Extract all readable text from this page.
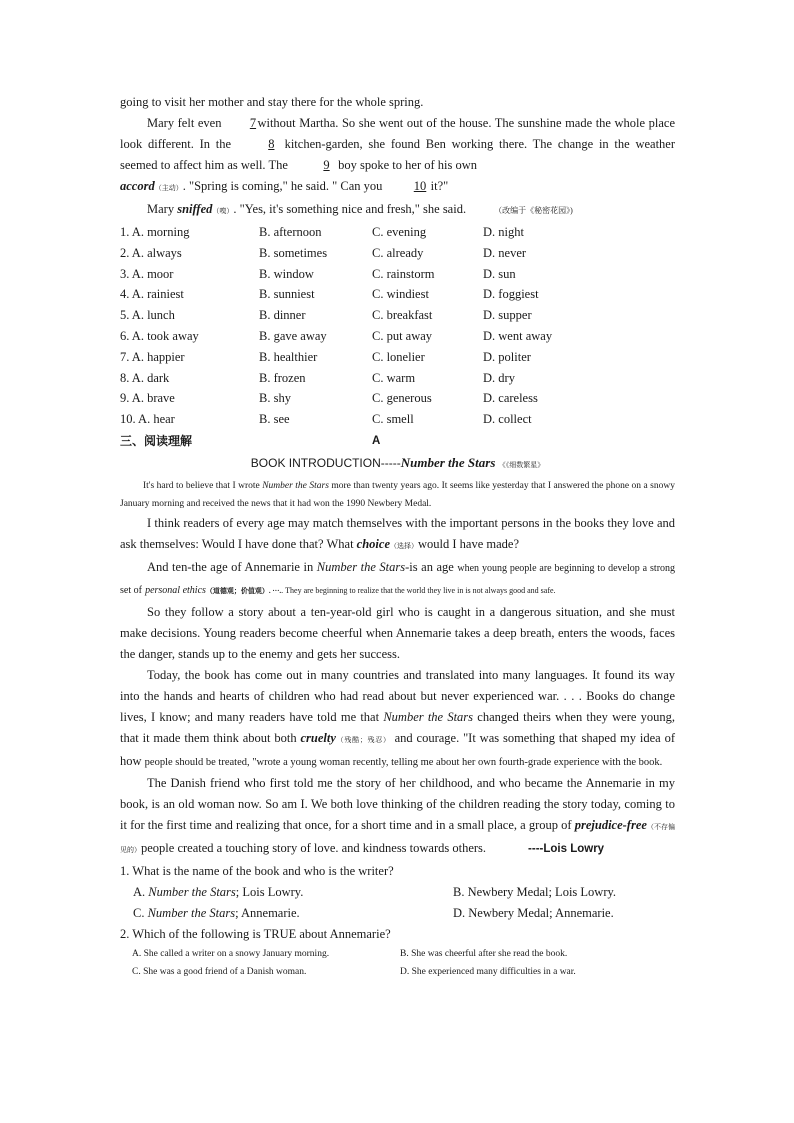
going to visit her mother and stay there for the whole spring.

Mary felt even 7without Martha. So she went out of the house. The sunshine made the whole place look different. In the	8 kitchen-garden, she found Ben working there. The change in the weather seemed to affect him as well. The	9 boy spoke to her of his own
accord（主动）. "Spring is coming," he said. " Can you	10 it?"

Mary sniffed（嗅）. "Yes, it's something nice and fresh," she said.	（改编于《秘密花园》)

1. A. morning	B. afternoon	C. evening	D. night
2. A. always	B. sometimes	C. already	D. never
3. A. moor	B. window	C. rainstorm	D. sun
4. A. rainiest	B. sunniest	C. windiest	D. foggiest
5. A. lunch	B. dinner	C. breakfast	D. supper
6. A. took away	B. gave away	C. put away	D. went away
7. A. happier	B. healthier	C. lonelier	D. politer
8. A. dark	B. frozen	C. warm	D. dry
9. A. brave	B. shy	C. generous	D. careless
10. A. hear	B. see	C. smell	D. collect
三、阅读理解	A

BOOK INTRODUCTION-----Number the Stars 《《细数繁星》

It's hard to believe that I wrote Number the Stars more than twenty years ago. It seems like yesterday that I answered the phone on a snowy January morning and received the news that it had won the 1990 Newbery Medal.

I think readers of every age may match themselves with the important persons in the books they love and ask themselves: Would I have done that? What choice（选择）would I have made?

And ten-the age of Annemarie in Number the Stars-is an age when young people are beginning to develop a strong set of personal ethics（道德观；价值观）. ···.. They are beginning to realize that the world they live in is not always good and safe.

So they follow a story about a ten-year-old girl who is caught in a dangerous situation, and she must make decisions. Young readers become cheerful when Annemarie takes a deep breath, enters the woods, faces the danger, stands up to the enemy and gets her success.

Today, the book has come out in many countries and translated into many languages. It found its way into the hands and hearts of children who had read about but never experienced war. . . . Books do change lives, I know; and many readers have told me that Number the Stars changed theirs when they were young, that it made them think about both cruelty（残酷；残忍） and courage. "It was something that shaped my idea of how people should be treated, "wrote a young woman recently, telling me about her own fourth-grade experience with the book.

The Danish friend who first told me the story of her childhood, and who became the Annemarie in my book, is an old woman now. So am I. We both love thinking of the children reading the story today, coming to it for the first time and realizing that once, for a short time and in a small place, a group of prejudice-free（不存偏见的）people created a touching story of love. and kindness towards others.	----Lois Lowry

1. What is the name of the book and who is the writer?

A. Number the Stars; Lois Lowry.	B. Newbery Medal; Lois Lowry.
C. Number the Stars; Annemarie.	D. Newbery Medal; Annemarie.

2. Which of the following is TRUE about Annemarie?

A. She called a writer on a snowy January morning.	B. She was cheerful after she read the book.
C. She was a good friend of a Danish woman.	D. She experienced many difficulties in a war.
